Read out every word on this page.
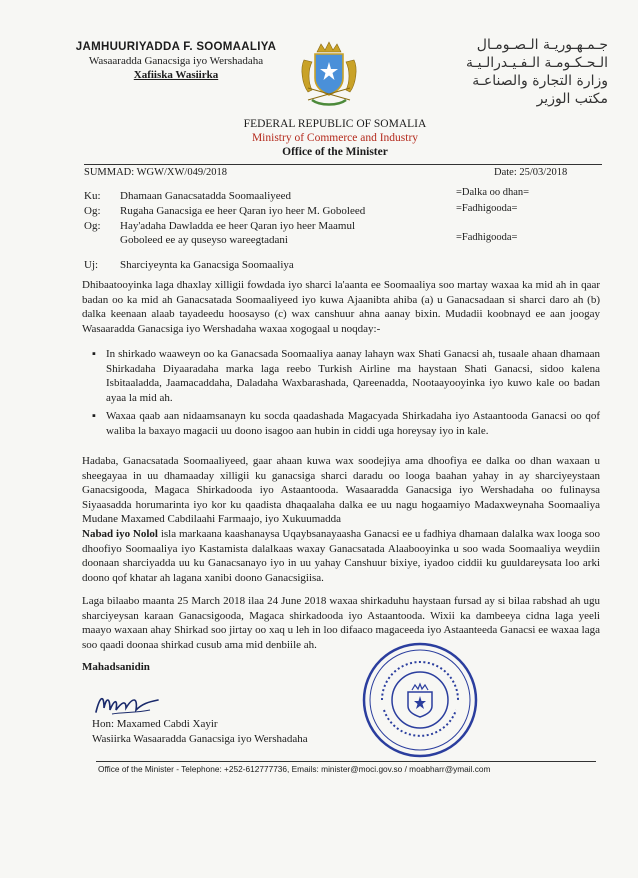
JAMHUURIYADDA F. SOOMAALIYA
Wasaaradda Ganacsiga iyo Wershadaha
Xafiiska Wasiirka
جـمـهـوريـة الـصـومـال
الـحـكـومـة الـفـيـدرالـيـة
وزارة التجارة والصناعـة
مكتب الوزير
FEDERAL REPUBLIC OF SOMALIA
Ministry of Commerce and Industry
Office of the Minister
SUMMAD: WGW/XW/049/2018	Date: 25/03/2018
Ku: Dhamaan Ganacsatadda Soomaaliyeed	=Dalka oo dhan=
Og: Rugaha Ganacsiga ee heer Qaran iyo heer M. Goboleed	=Fadhigooda=
Og: Hay'adaha Dawladda ee heer Qaran iyo heer Maamul
Goboleed ee ay quseyso wareegtadani	=Fadhigooda=
Uj: Sharciyeynta ka Ganacsiga Soomaaliya
Dhibaatooyinka laga dhaxlay xilligii fowdada iyo sharci la'aanta ee Soomaaliya soo martay waxaa ka mid ah in qaar badan oo ka mid ah Ganacsatada Soomaaliyeed iyo kuwa Ajaanibta ahiba (a) u Ganacsadaan si sharci daro ah (b) dalka keenaan alaab tayadeedu hoosayso (c) wax canshuur ahna aanay bixin. Mudadii koobnayd ee aan joogay Wasaaradda Ganacsiga iyo Wershadaha waxaa xogogaal u noqday:-
▪ In shirkado waaweyn oo ka Ganacsada Soomaaliya aanay lahayn wax Shati Ganacsi ah, tusaale ahaan dhamaan Shirkadaha Diyaaradaha marka laga reebo Turkish Airline ma haystaan Shati Ganacsi, sidoo kalena Isbitaaladda, Jaamacaddaha, Daladaha Waxbarashada, Qareenadda, Nootaayooyinka iyo kuwo kale oo badan ayaa la mid ah.
▪ Waxaa qaab aan nidaamsanayn ku socda qaadashada Magacyada Shirkadaha iyo Astaantooda Ganacsi oo qof waliba la baxayo magacii uu doono isagoo aan hubin in ciddi uga horeysay iyo in kale.
Hadaba, Ganacsatada Soomaaliyeed, gaar ahaan kuwa wax soodejiya ama dhoofiya ee dalka oo dhan waxaan u sheegayaa in uu dhamaaday xilligii ku ganacsiga sharci daradu oo looga baahan yahay in ay sharciyeystaan Ganacsigooda, Magaca Shirkadooda iyo Astaantooda. Wasaaradda Ganacsiga iyo Wershadaha oo fulinaysa Siyaasadda horumarinta iyo kor ku qaadista dhaqaalaha dalka ee uu nagu hogaamiyo Madaxweynaha Soomaaliya Mudane Maxamed Cabdilaahi Farmaajo, iyo Xukuumadda
Nabad iyo Nolol isla markaana kaashanaysa Uqaybsanayaasha Ganacsi ee u fadhiya dhamaan dalalka wax looga soo dhoofiyo Soomaaliya iyo Kastamista dalalkaas waxay Ganacsatada Alaabooyinka u soo wada Soomaaliya weydiin doonaan sharciyadda uu ku Ganacsanayo iyo in uu yahay Canshuur bixiye, iyadoo ciddii ku guuldareysata loo arki doono qof khatar ah lagana xanibi doono Ganacsigiisa.
Laga bilaabo maanta 25 March 2018 ilaa 24 June 2018 waxaa shirkaduhu haystaan fursad ay si bilaa rabshad ah ugu sharciyeysan karaan Ganacsigooda, Magaca shirkadooda iyo Astaantooda. Wixii ka dambeeya cidna laga yeeli maayo waxaan ahay Shirkad soo jirtay oo xaq u leh in loo difaaco magaceeda iyo Astaanteeda Ganacsi ee waxaa laga soo qaadi doonaa shirkad cusub ama mid denbiile ah.
Mahadsanidin
Hon: Maxamed Cabdi Xayir
Wasiirka Wasaaradda Ganacsiga iyo Wershadaha
Office of the Minister - Telephone: +252-612777736, Emails: minister@moci.gov.so / moabharr@ymail.com
